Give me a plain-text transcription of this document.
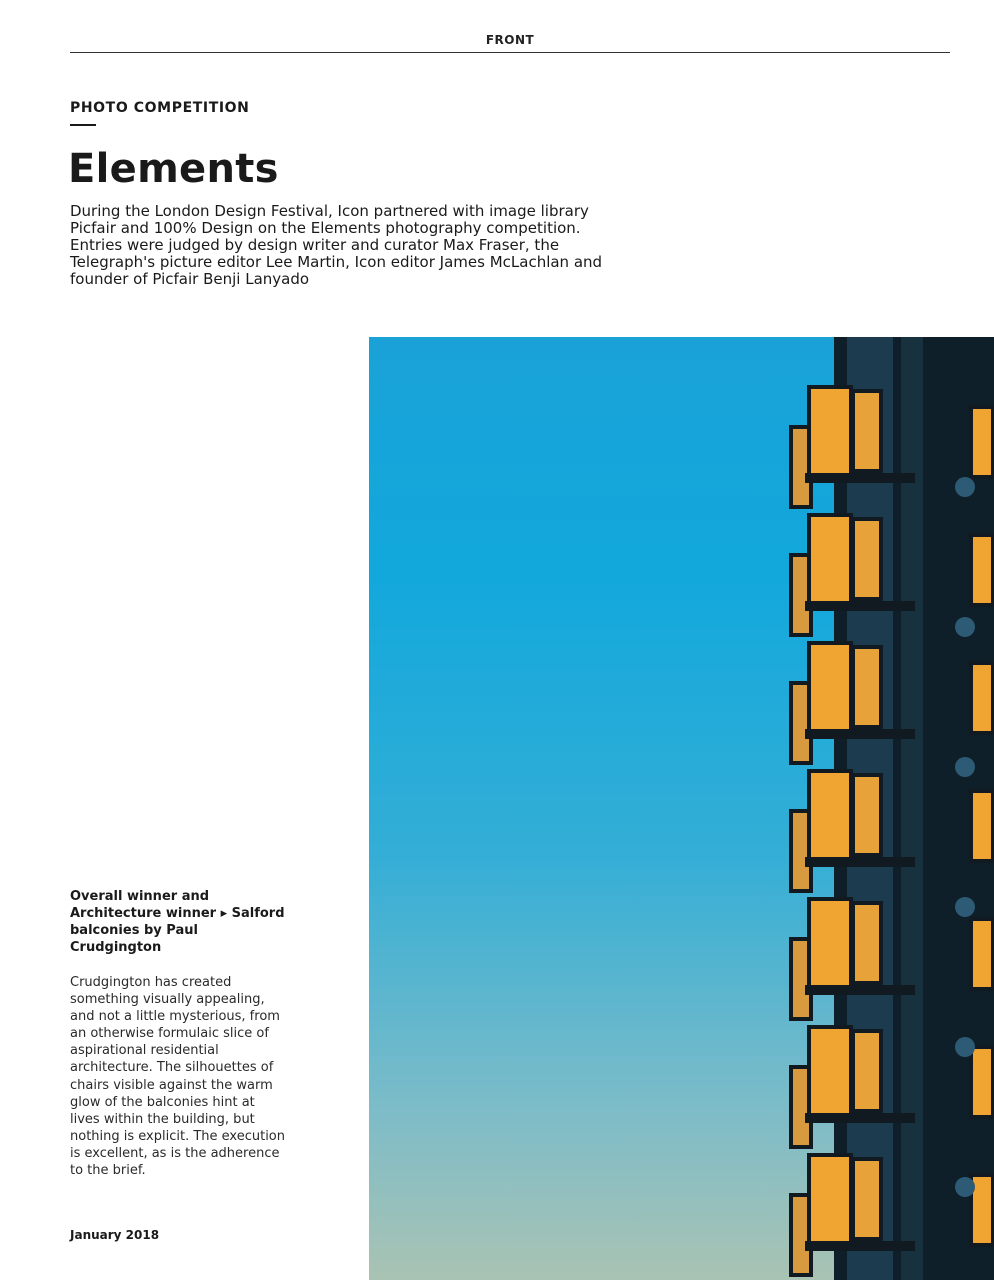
FRONT
PHOTO COMPETITION
Elements

During the London Design Festival, Icon partnered with image library Picfair and 100% Design on the Elements photography competition. Entries were judged by design writer and curator Max Fraser, the Telegraph's picture editor Lee Martin, Icon editor James McLachlan and founder of Picfair Benji Lanyado

Overall winner and Architecture winner ▸ Salford balconies by Paul Crudgington

Crudgington has created something visually appealing, and not a little mysterious, from an otherwise formulaic slice of aspirational residential architecture. The silhouettes of chairs visible against the warm glow of the balconies hint at lives within the building, but nothing is explicit. The execution is excellent, as is the adherence to the brief.

January 2018
